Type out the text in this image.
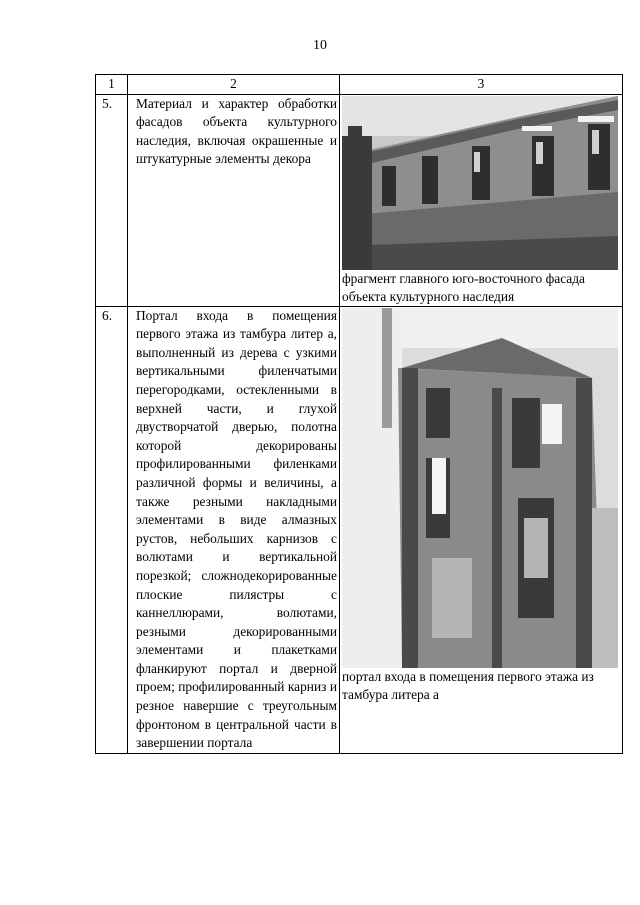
10
1	2	3
5.	Материал и характер обработки фасадов объекта культурного наследия, включая окрашенные и штукатурные элементы декора	фрагмент главного юго-восточного фасада объекта культурного наследия

6.	Портал входа в помещения первого этажа из тамбура литер а, выполненный из дерева с узкими вертикальными филенчатыми перегородками, остекленными в верхней части, и глухой двустворчатой дверью, полотна которой декорированы профилированными филенками различной формы и величины, а также резными накладными элементами в виде алмазных рустов, небольших карнизов с волютами и вертикальной порезкой; сложнодекорированные плоские пилястры с каннеллюрами, волютами, резными декорированными элементами и плакетками фланкируют портал и дверной проем; профилированный карниз и резное навершие с треугольным фронтоном в центральной части в завершении портала	портал входа в помещения первого этажа из тамбура литера а
